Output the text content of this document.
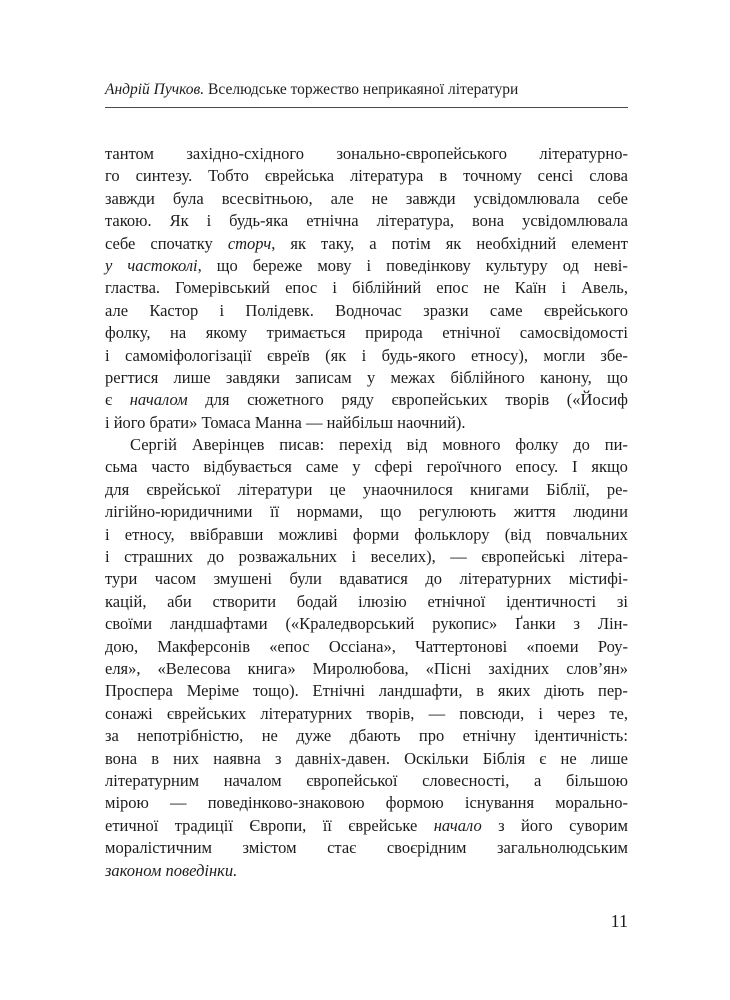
Андрій Пучков. Вселюдське торжество неприкаяної літератури
тантом західно-східного зонально-європейського літературно-
го синтезу. Тобто єврейська література в точному сенсі слова
завжди була всесвітньою, але не завжди усвідомлювала себе
такою. Як і будь-яка етнічна література, вона усвідомлювала
себе спочатку сторч, як таку, а потім як необхідний елемент
у частоколі, що береже мову і поведінкову культуру од неві-
гластва. Гомерівський епос і біблійний епос не Каїн і Авель,
але Кастор і Полідевк. Водночас зразки саме єврейського
фолку, на якому тримається природа етнічної самосвідомості
і самоміфологізації євреїв (як і будь-якого етносу), могли збе-
регтися лише завдяки записам у межах біблійного канону, що
є началом для сюжетного ряду європейських творів («Йосиф
і його брати» Томаса Манна — найбільш наочний).
Сергій Аверінцев писав: перехід від мовного фолку до пи-
сьма часто відбувається саме у сфері героїчного епосу. І якщо
для єврейської літератури це унаочнилося книгами Біблії, ре-
лігійно-юридичними її нормами, що регулюють життя людини
і етносу, ввібравши можливі форми фольклору (від повчальних
і страшних до розважальних і веселих), — європейські літера-
тури часом змушені були вдаватися до літературних містифі-
кацій, аби створити бодай ілюзію етнічної ідентичності зі
своїми ландшафтами («Краледворський рукопис» Ґанки з Лін-
дою, Макферсонів «епос Оссіана», Чаттертонові «поеми Роу-
еля», «Велесова книга» Миролюбова, «Пісні західних слов’ян»
Проспера Меріме тощо). Етнічні ландшафти, в яких діють пер-
сонажі єврейських літературних творів, — повсюди, і через те,
за непотрібністю, не дуже дбають про етнічну ідентичність:
вона в них наявна з давніх-давен. Оскільки Біблія є не лише
літературним началом європейської словесності, а більшою
мірою — поведінково-знаковою формою існування морально-
етичної традиції Європи, її єврейське начало з його суворим
моралістичним змістом стає своєрідним загальнолюдським
законом поведінки.
11
